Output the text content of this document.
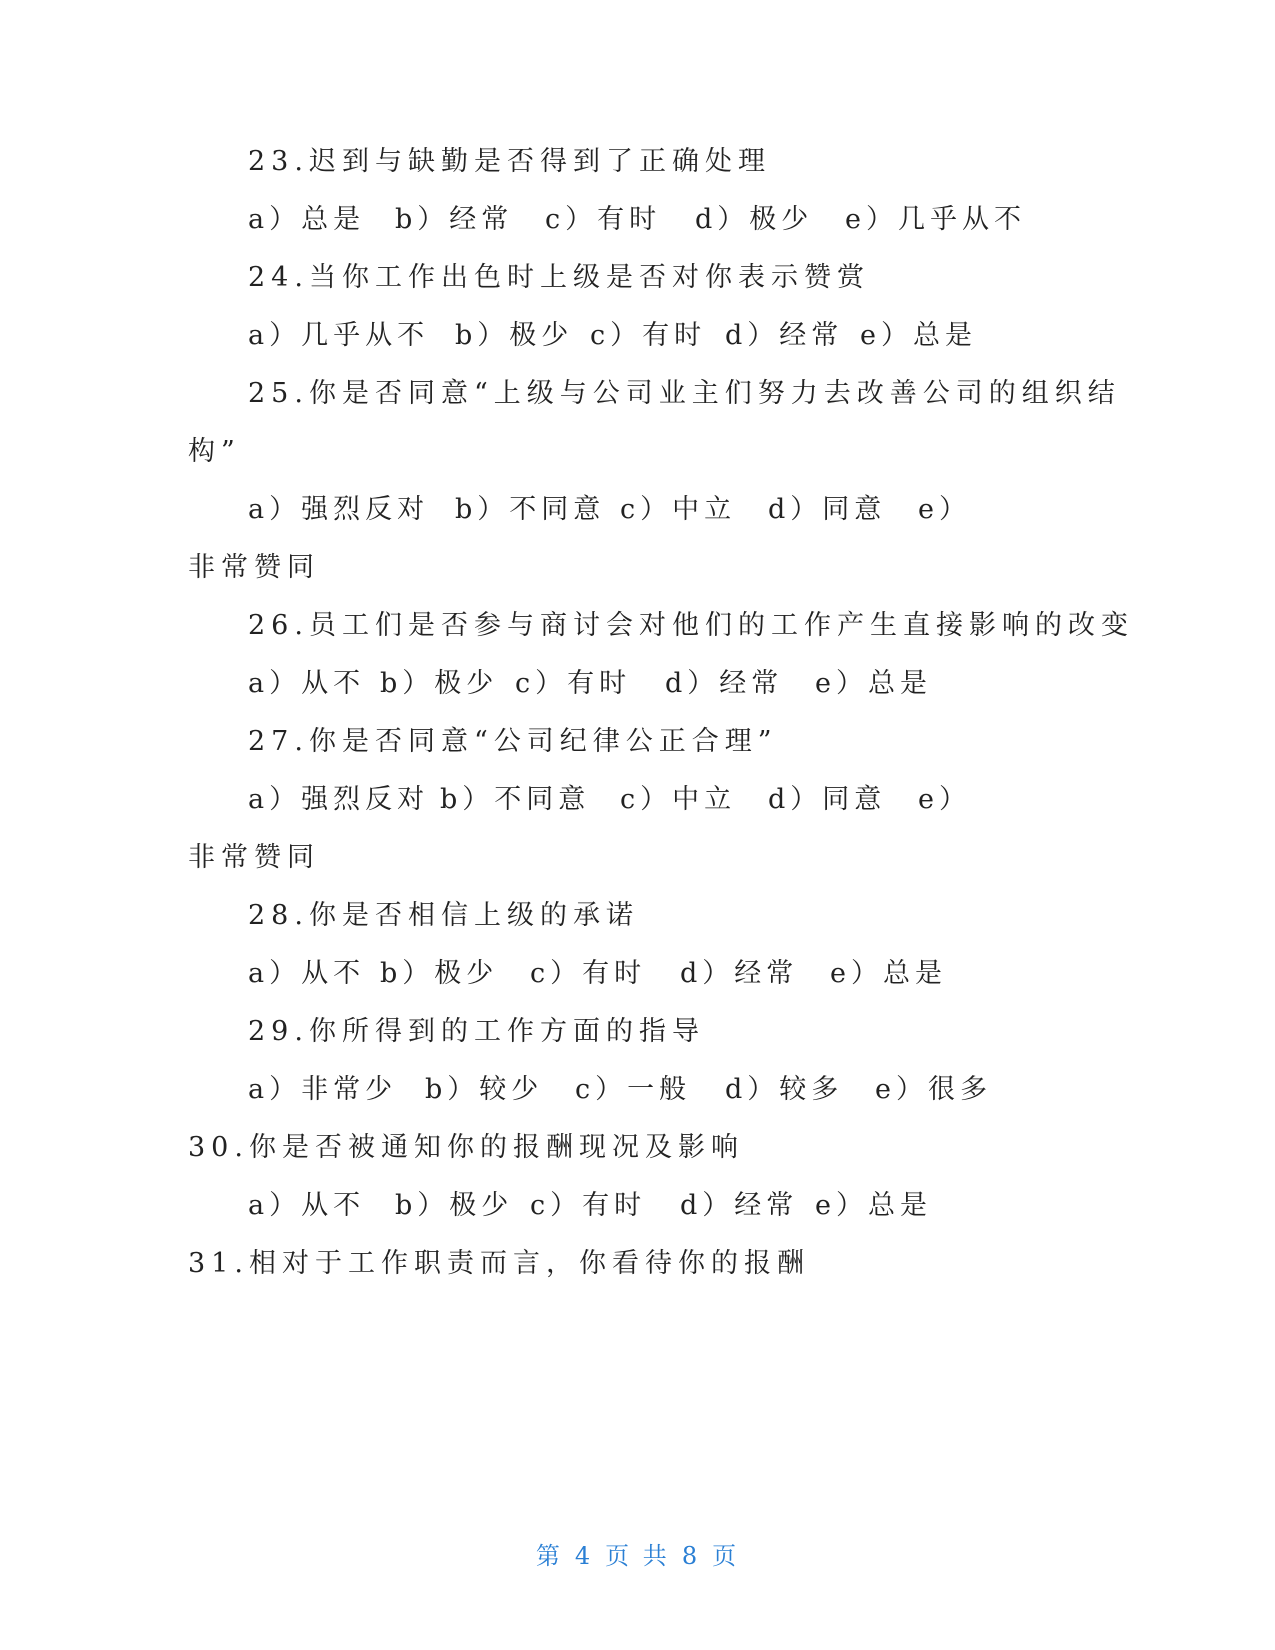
23.迟到与缺勤是否得到了正确处理
a）总是 b）经常 c）有时 d）极少 e）几乎从不
24.当你工作出色时上级是否对你表示赞赏
a）几乎从不 b）极少 c）有时 d）经常 e）总是
25.你是否同意“上级与公司业主们努力去改善公司的组织结
构”
a）强烈反对 b）不同意 c）中立 d）同意 e）
非常赞同
26.员工们是否参与商讨会对他们的工作产生直接影响的改变
a）从不 b）极少 c）有时 d）经常 e）总是
27.你是否同意“公司纪律公正合理”
a）强烈反对 b）不同意 c）中立 d）同意 e）
非常赞同
28.你是否相信上级的承诺
a）从不 b）极少 c）有时 d）经常 e）总是
29.你所得到的工作方面的指导
a）非常少 b）较少 c）一般 d）较多 e）很多
30.你是否被通知你的报酬现况及影响
a）从不 b）极少 c）有时 d）经常 e）总是
31.相对于工作职责而言，你看待你的报酬
第 4 页 共 8 页
